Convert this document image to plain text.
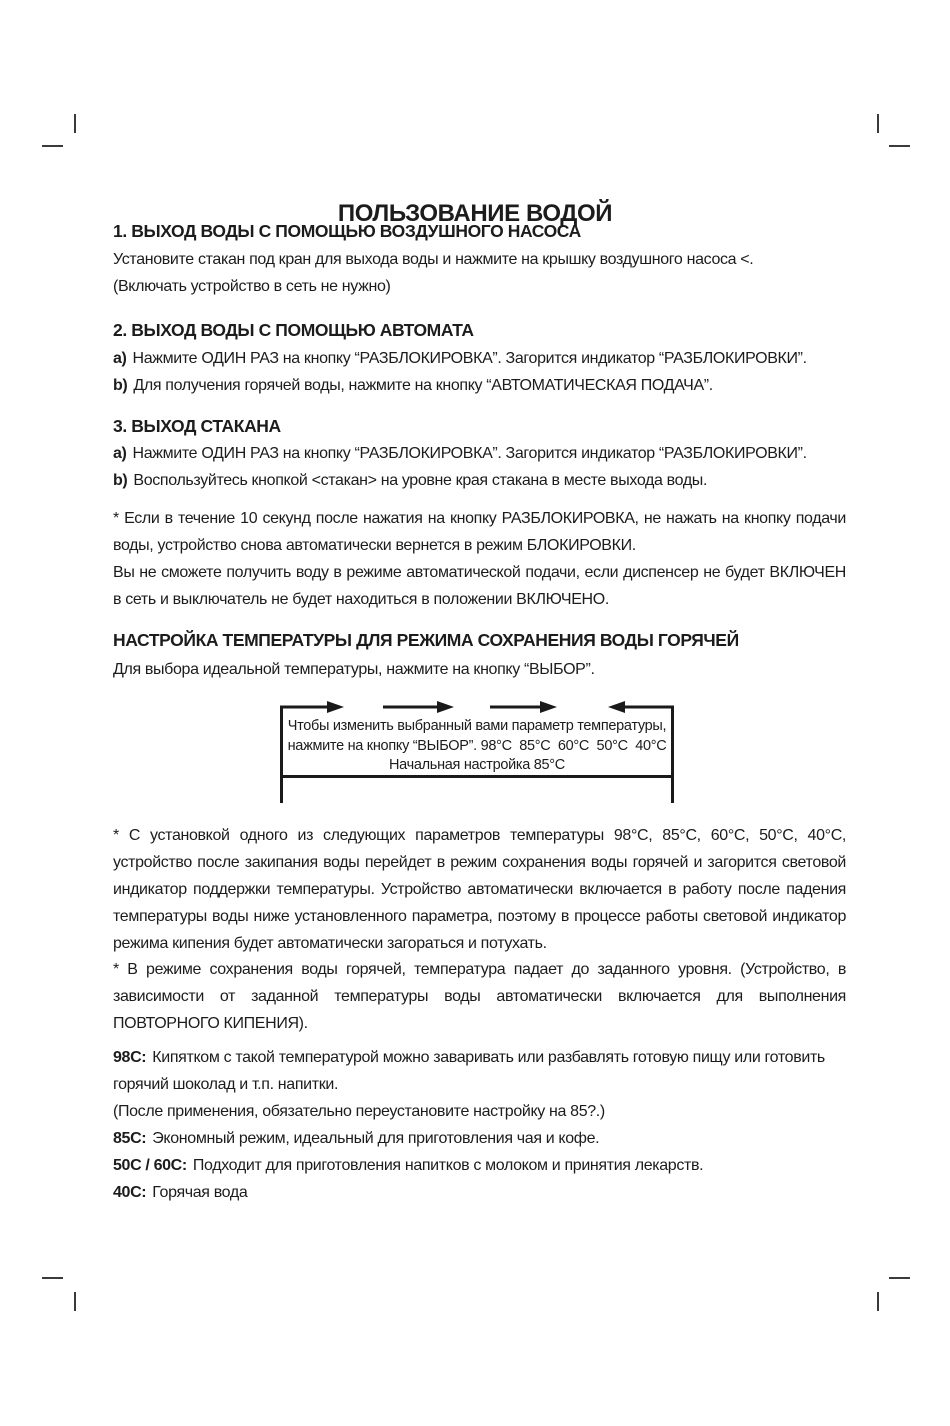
ПОЛЬЗОВАНИЕ ВОДОЙ
1. ВЫХОД ВОДЫ С ПОМОЩЬЮ ВОЗДУШНОГО НАСОСА

Установите стакан под кран для выхода воды и нажмите на крышку воздушного насоса <.

(Включать устройство в сеть не нужно)

2. ВЫХОД ВОДЫ С ПОМОЩЬЮ АВТОМАТА

a) Нажмите ОДИН РАЗ на кнопку “РАЗБЛОКИРОВКА”. Загорится индикатор “РАЗБЛОКИРОВКИ”.

b) Для получения горячей воды, нажмите на кнопку “АВТОМАТИЧЕСКАЯ ПОДАЧА”.

3. ВЫХОД СТАКАНА

a) Нажмите ОДИН РАЗ на кнопку “РАЗБЛОКИРОВКА”. Загорится индикатор “РАЗБЛОКИРОВКИ”.

b) Воспользуйтесь кнопкой <стакан> на уровне края стакана в месте выхода воды.

* Если в течение 10 секунд после нажатия на кнопку РАЗБЛОКИРОВКА, не нажать на кнопку подачи воды, устройство снова автоматически вернется в режим БЛОКИРОВКИ.
Вы не сможете получить воду в режиме автоматической подачи, если диспенсер не будет ВКЛЮЧЕН в сеть и выключатель не будет находиться в положении ВКЛЮЧЕНО.
НАСТРОЙКА ТЕМПЕРАТУРЫ ДЛЯ РЕЖИМА СОХРАНЕНИЯ ВОДЫ ГОРЯЧЕЙ
Для выбора идеальной температуры, нажмите на кнопку “ВЫБОР”.

Чтобы изменить выбранный вами параметр температуры,

нажмите на кнопку “ВЫБОР”. 98°C  85°C  60°C  50°C  40°C

Начальная настройка 85°C

* С установкой одного из следующих параметров температуры 98°C, 85°C, 60°C, 50°C, 40°C, устройство после закипания воды перейдет в режим сохранения воды горячей и загорится световой индикатор поддержки температуры. Устройство автоматически включается в работу после падения температуры воды ниже установленного параметра, поэтому в процессе работы световой индикатор режима кипения будет автоматически загораться и потухать.
* В режиме сохранения воды горячей, температура падает до заданного уровня. (Устройство, в зависимости от заданной температуры воды автоматически включается для выполнения ПОВТОРНОГО КИПЕНИЯ).

98C: Кипятком с такой температурой можно заваривать или разбавлять готовую пищу или готовить горячий шоколад и т.п. напитки.

(После применения, обязательно переустановите настройку на 85?.)

85C: Экономный режим, идеальный для приготовления чая и кофе.

50C / 60C: Подходит для приготовления напитков с молоком и принятия лекарств.

40C: Горячая вода
